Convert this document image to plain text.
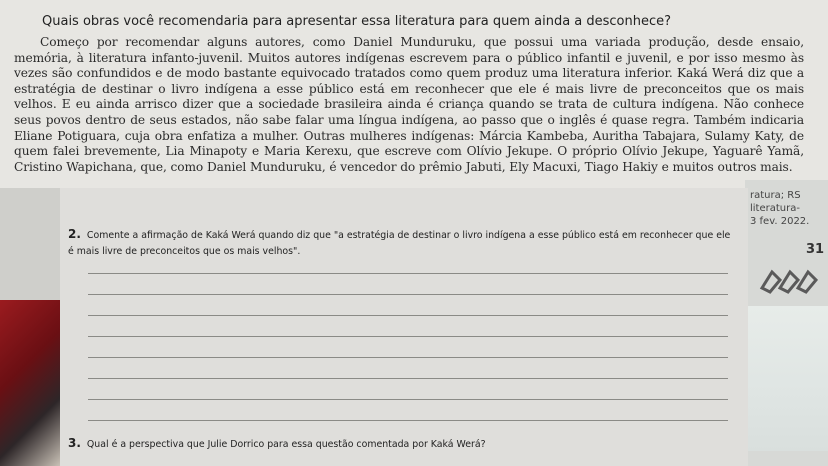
Quais obras você recomendaria para apresentar essa literatura para quem ainda a desconhece?
Começo por recomendar alguns autores, como Daniel Munduruku, que possui uma variada produção, desde ensaio, memória, à literatura infanto-juvenil. Muitos autores indígenas escrevem para o público infantil e juvenil, e por isso mesmo às vezes são confundidos e de modo bastante equivocado tratados como quem produz uma literatura inferior. Kaká Werá diz que a estratégia de destinar o livro indígena a esse público está em reconhecer que ele é mais livre de preconceitos que os mais velhos. E eu ainda arrisco dizer que a sociedade brasileira ainda é criança quando se trata de cultura indígena. Não conhece seus povos dentro de seus estados, não sabe falar uma língua indígena, ao passo que o inglês é quase regra. Também indicaria Eliane Potiguara, cuja obra enfatiza a mulher. Outras mulheres indígenas: Márcia Kambeba, Auritha Tabajara, Sulamy Katy, de quem falei brevemente, Lia Minapoty e Maria Kerexu, que escreve com Olívio Jekupe. O próprio Olívio Jekupe, Yaguarê Yamã, Cristino Wapichana, que, como Daniel Munduruku, é vencedor do prêmio Jabuti, Ely Macuxi, Tiago Hakiy e muitos outros mais.
ratura; RS
literatura-
3 fev. 2022.
31
2. Comente a afirmação de Kaká Werá quando diz que "a estratégia de destinar o livro indígena a esse público está em reconhecer que ele é mais livre de preconceitos que os mais velhos".
3. Qual é a perspectiva que Julie Dorrico para essa questão comentada por Kaká Werá?
